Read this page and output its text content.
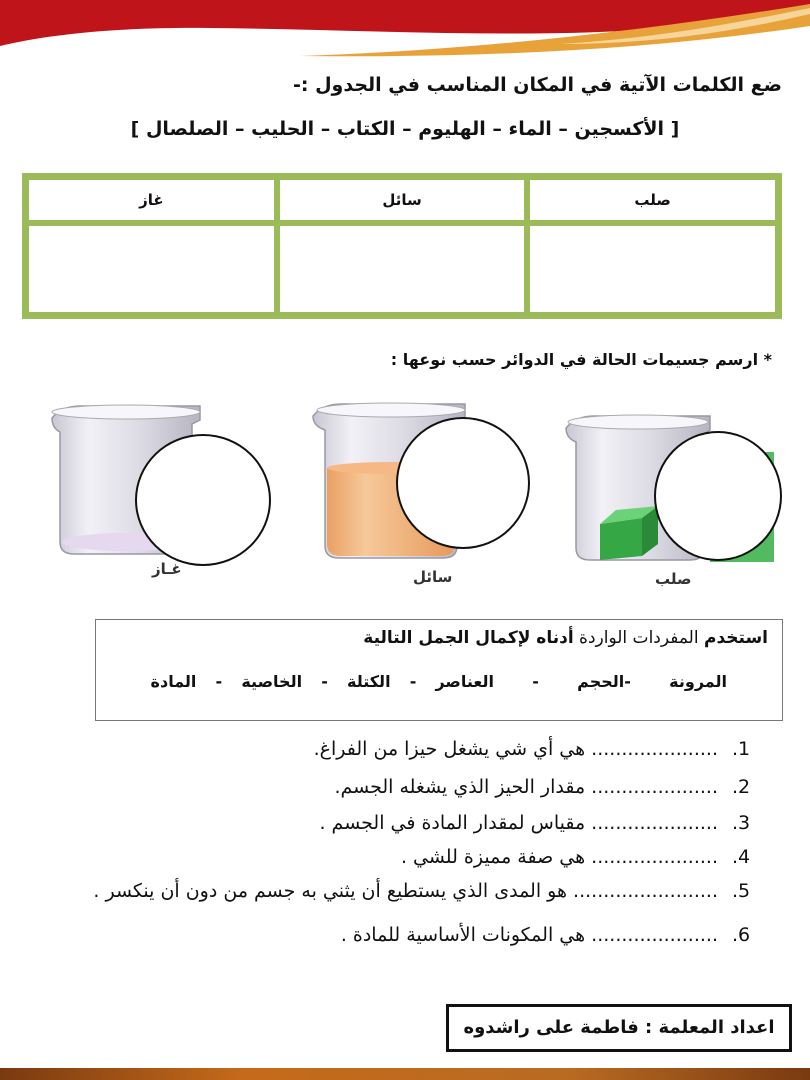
ضع الكلمات الآتية في المكان المناسب في الجدول :-
[ الأكسجين – الماء – الهليوم – الكتاب – الحليب – الصلصال ]
صلب	سائل	غاز

* ارسم جسيمات الحالة في الدوائر حسب نوعها :
غـاز	سائل	صلب
استخدم المفردات الواردة أدناه لإكمال الجمل التالية
المرونة    -الحجم    -    العناصر  -  الكتلة  -  الخاصية  -  المادة
1...................... هي أي شي يشغل حيزا من الفراغ.
2...................... مقدار الحيز الذي يشغله الجسم.
3...................... مقياس لمقدار المادة في الجسم .
4...................... هي صفة مميزة للشي .
5......................... هو المدى الذي يستطيع أن يثني به جسم من دون أن ينكسر .
6...................... هي المكونات الأساسية للمادة .
اعداد المعلمة : فاطمة على راشدوه
